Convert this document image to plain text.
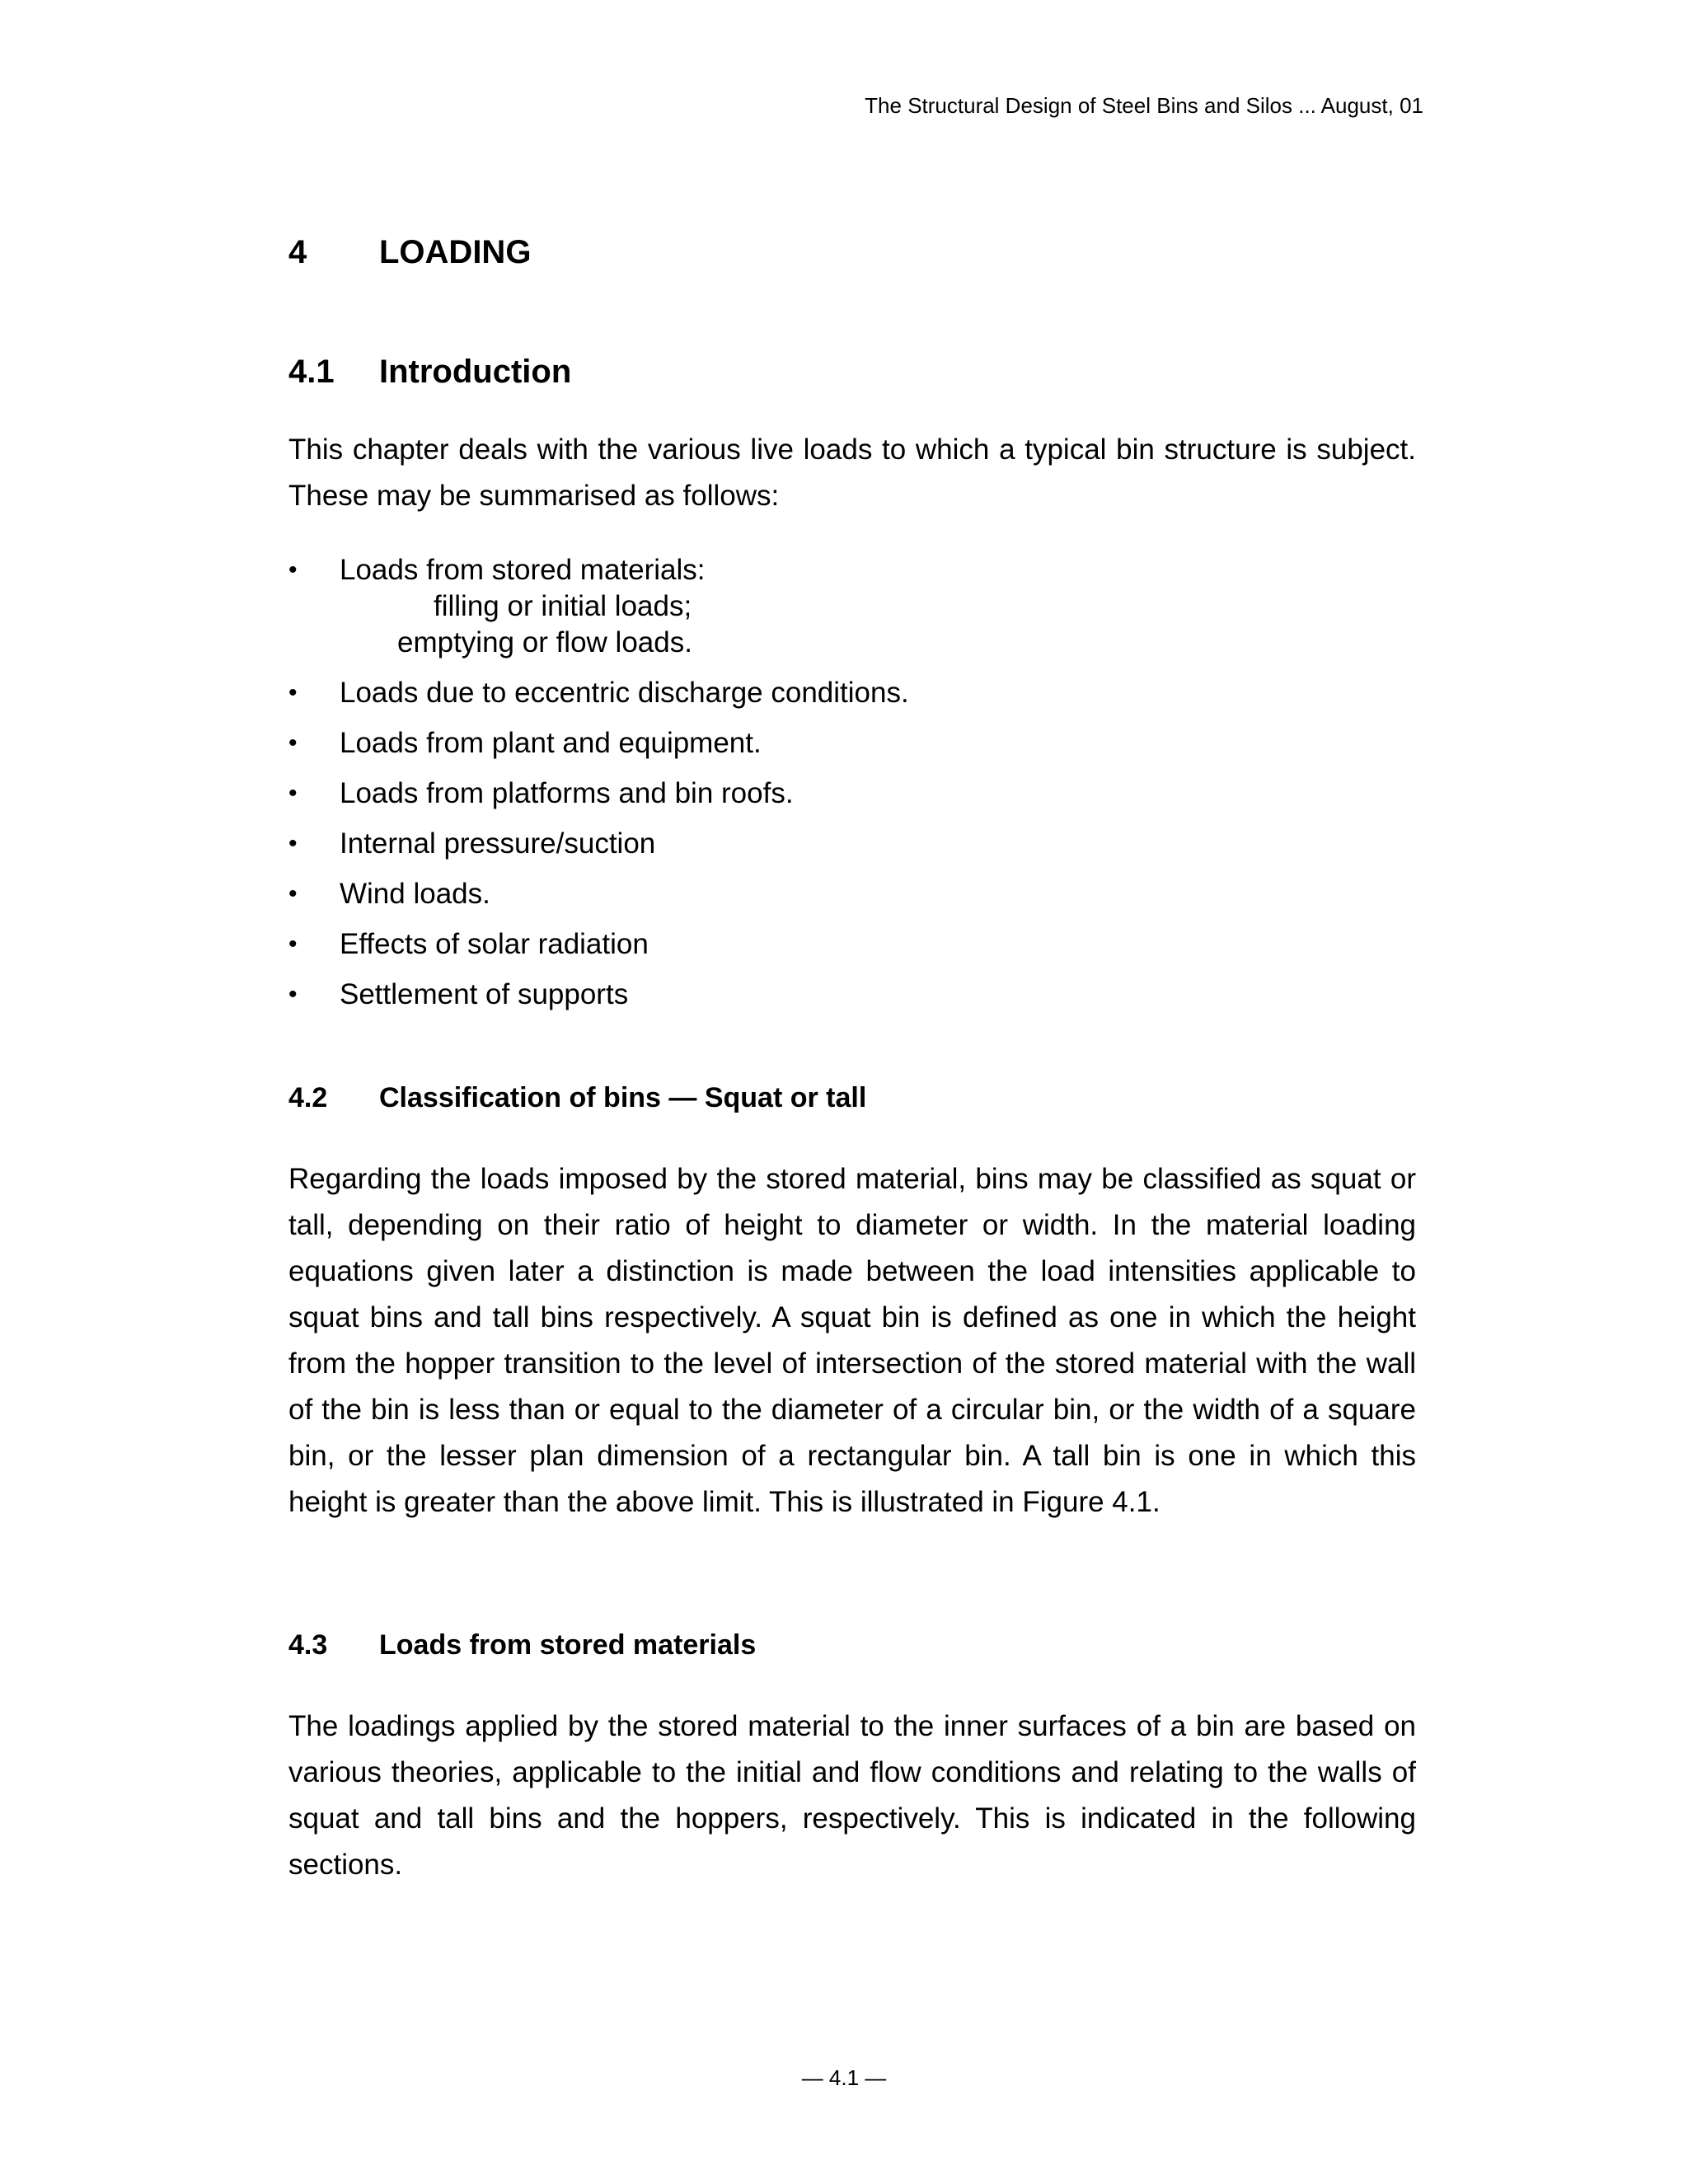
The Structural Design of Steel Bins and Silos ... August, 01
4 LOADING
4.1 Introduction
This chapter deals with the various live loads to which a typical bin structure is subject. These may be summarised as follows:
• Loads from stored materials:
filling or initial loads;
emptying or flow loads.
• Loads due to eccentric discharge conditions.
• Loads from plant and equipment.
• Loads from platforms and bin roofs.
• Internal pressure/suction
• Wind loads.
• Effects of solar radiation
• Settlement of supports
4.2 Classification of bins — Squat or tall
Regarding the loads imposed by the stored material, bins may be classified as squat or tall, depending on their ratio of height to diameter or width. In the material loading equations given later a distinction is made between the load intensities applicable to squat bins and tall bins respectively. A squat bin is defined as one in which the height from the hopper transition to the level of intersection of the stored material with the wall of the bin is less than or equal to the diameter of a circular bin, or the width of a square bin, or the lesser plan dimension of a rectangular bin. A tall bin is one in which this height is greater than the above limit. This is illustrated in Figure 4.1.
4.3 Loads from stored materials
The loadings applied by the stored material to the inner surfaces of a bin are based on various theories, applicable to the initial and flow conditions and relating to the walls of squat and tall bins and the hoppers, respectively. This is indicated in the following sections.
— 4.1 —
